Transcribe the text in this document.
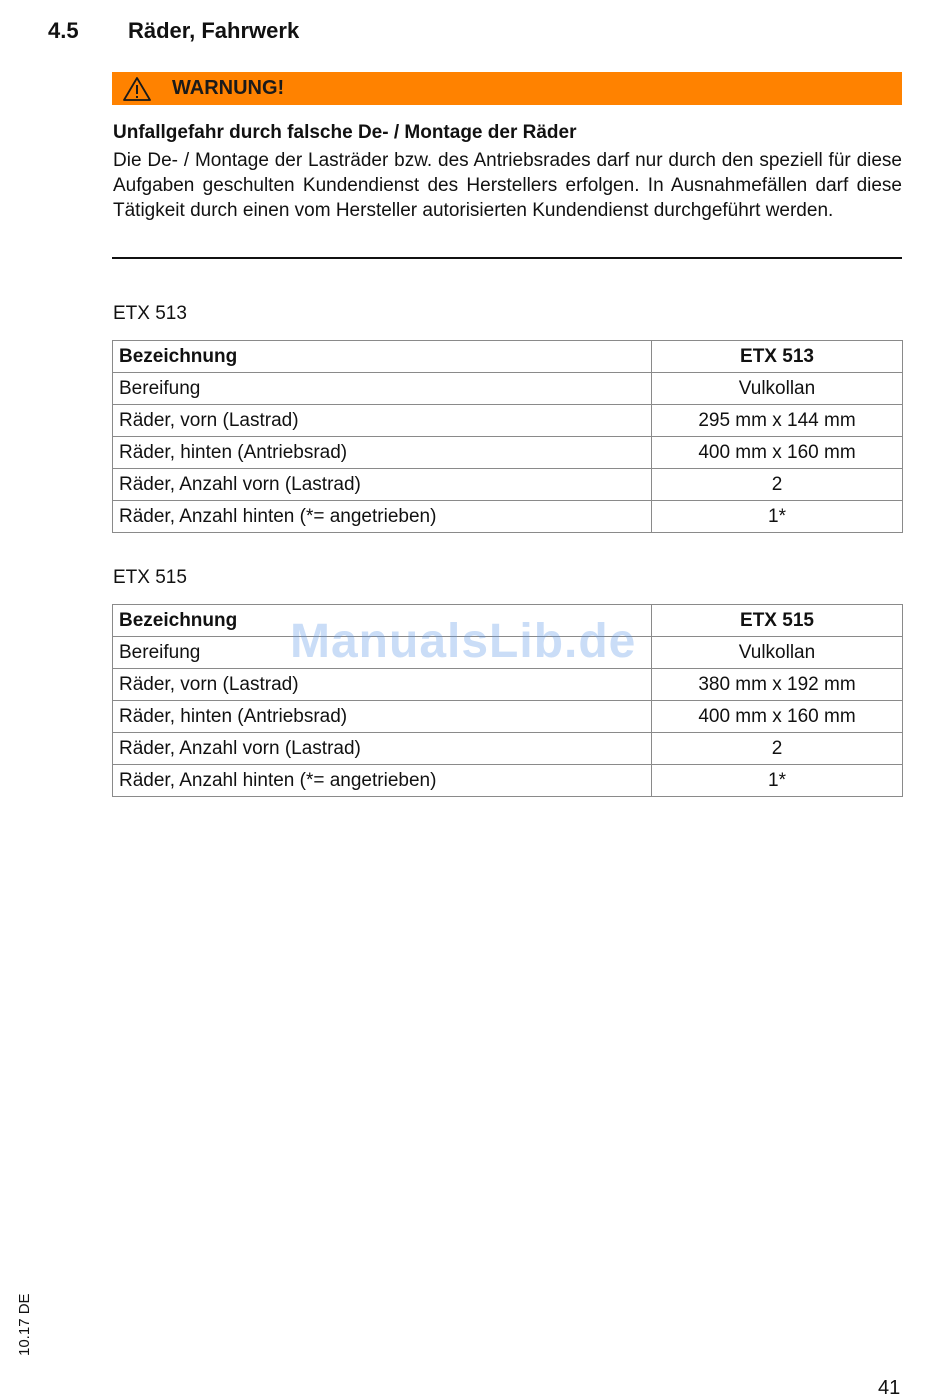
4.5 Räder, Fahrwerk
WARNUNG!

Unfallgefahr durch falsche De- / Montage der Räder

Die De- / Montage der Lasträder bzw. des Antriebsrades darf nur durch den speziell für diese Aufgaben geschulten Kundendienst des Herstellers erfolgen. In Ausnahmefällen darf diese Tätigkeit durch einen vom Hersteller autorisierten Kundendienst durchgeführt werden.

ETX 513
Bezeichnung	ETX 513
Bereifung	Vulkollan
Räder, vorn (Lastrad)	295 mm x 144 mm
Räder, hinten (Antriebsrad)	400 mm x 160 mm
Räder, Anzahl vorn (Lastrad)	2
Räder, Anzahl hinten (*= angetrieben)	1*
ETX 515
Bezeichnung	ETX 515
Bereifung	Vulkollan
Räder, vorn (Lastrad)	380 mm x 192 mm
Räder, hinten (Antriebsrad)	400 mm x 160 mm
Räder, Anzahl vorn (Lastrad)	2
Räder, Anzahl hinten (*= angetrieben)	1*
ManualsLib.de
10.17 DE
41
